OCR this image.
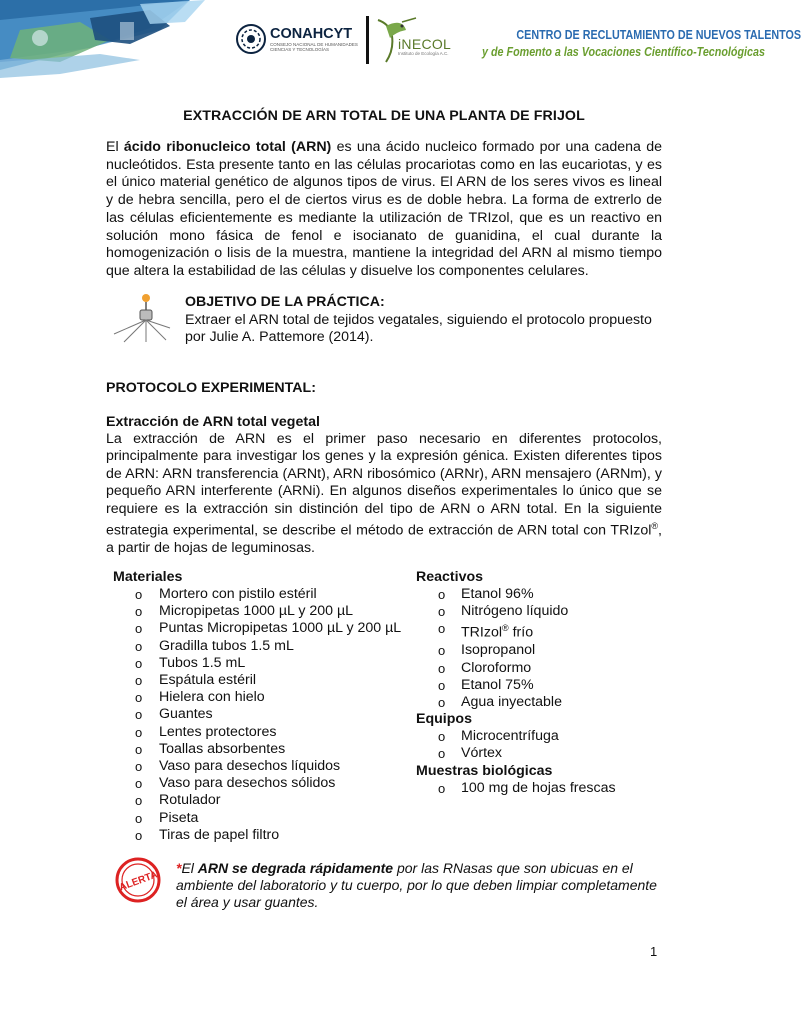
CONAHCYT
CONSEJO NACIONAL DE HUMANIDADES CIENCIAS Y TECNOLOGÍAS	iNECOL
Instituto de Ecología A.C.
CENTRO DE RECLUTAMIENTO DE NUEVOS TALENTOS
y de Fomento a las Vocaciones Científico-Tecnológicas
EXTRACCIÓN DE ARN TOTAL DE UNA PLANTA DE FRIJOL
El ácido ribonucleico total (ARN) es una ácido nucleico formado por una cadena de nucleótidos. Esta presente tanto en las células procariotas como en las eucariotas, y es el único material genético de algunos tipos de virus. El ARN de los seres vivos es lineal y de hebra sencilla, pero el de ciertos virus es de doble hebra. La forma de extrerlo de las células eficientemente es mediante la utilización de TRIzol, que es un reactivo en solución mono fásica de fenol e isocianato de guanidina, el cual durante la homogenización o lisis de la muestra, mantiene la integridad del ARN al mismo tiempo que altera la estabilidad de las células y disuelve los componentes celulares.
OBJETIVO DE LA PRÁCTICA:
Extraer el ARN total de tejidos vegatales, siguiendo el protocolo propuesto por Julie A. Pattemore (2014).
PROTOCOLO EXPERIMENTAL:
Extracción de ARN total vegetal
La extracción de ARN es el primer paso necesario en diferentes protocolos, principalmente para investigar los genes y la expresión génica. Existen diferentes tipos de ARN: ARN transferencia (ARNt), ARN ribosómico (ARNr), ARN mensajero (ARNm), y pequeño ARN interferente (ARNi). En algunos diseños experimentales lo único que se requiere es la extracción sin distinción del tipo de ARN o ARN total. En la siguiente estrategia experimental, se describe el método de extracción de ARN total con TRIzol®, a partir de hojas de leguminosas.
Materiales
o Mortero con pistilo estéril
o Micropipetas 1000 µL y 200 µL
o Puntas Micropipetas 1000 µL y 200 µL
o Gradilla tubos 1.5 mL
o Tubos 1.5 mL
o Espátula estéril
o Hielera con hielo
o Guantes
o Lentes protectores
o Toallas absorbentes
o Vaso para desechos líquidos
o Vaso para desechos sólidos
o Rotulador
o Piseta
o Tiras de papel filtro
Reactivos
o Etanol 96%
o Nitrógeno líquido
o TRIzol® frío
o Isopropanol
o Cloroformo
o Etanol 75%
o Agua inyectable
Equipos
o Microcentrífuga
o Vórtex
Muestras biológicas
o 100 mg de hojas frescas
ALERTA
*El ARN se degrada rápidamente por las RNasas que son ubicuas en el ambiente del laboratorio y tu cuerpo, por lo que deben limpiar completamente el área y usar guantes.
1
